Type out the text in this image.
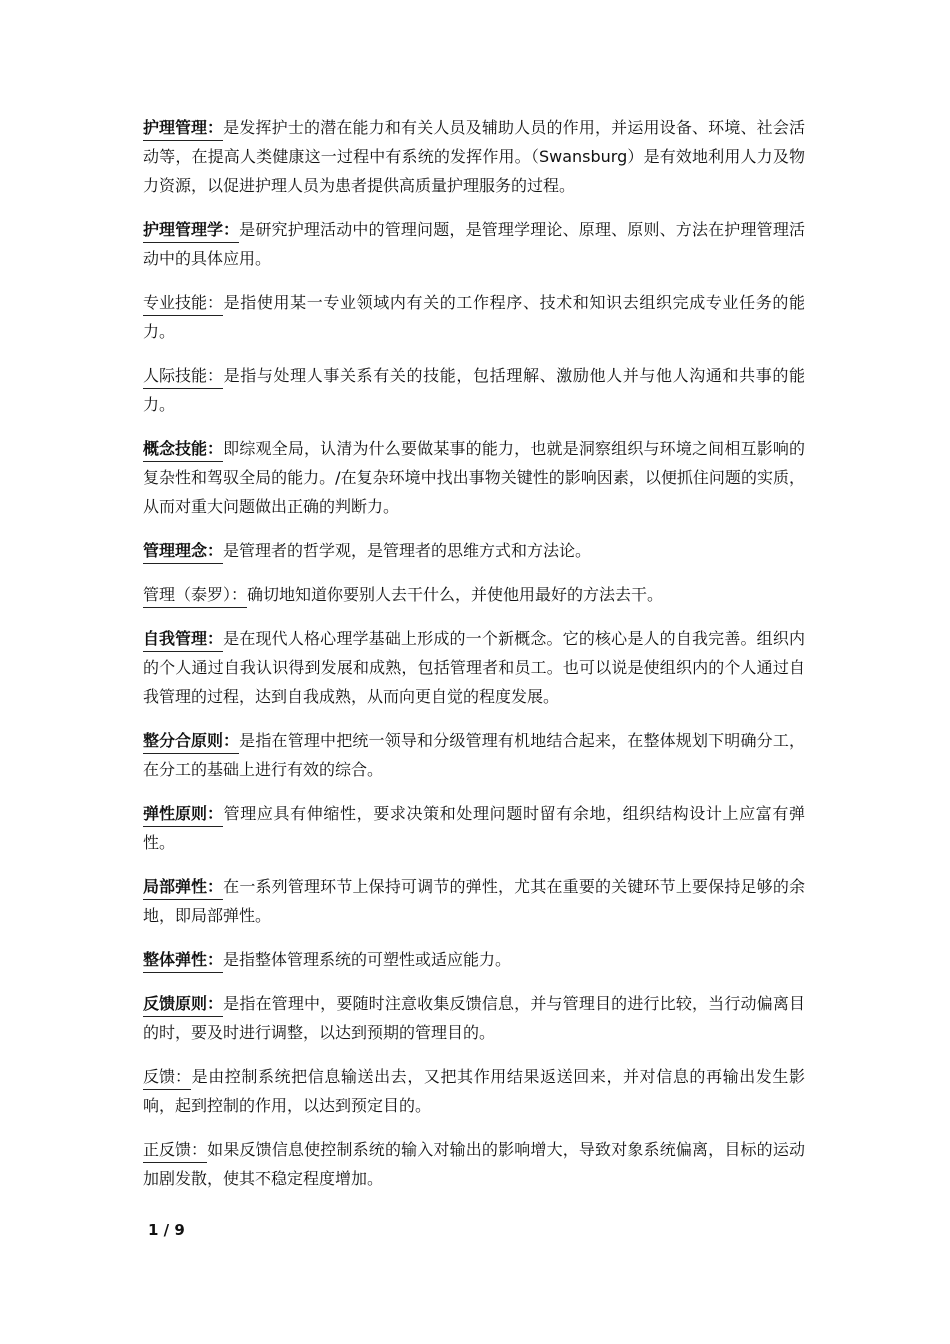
护理管理：是发挥护士的潜在能力和有关人员及辅助人员的作用，并运用设备、环境、社会活动等，在提高人类健康这一过程中有系统的发挥作用。（Swansburg）是有效地利用人力及物力资源，以促进护理人员为患者提供高质量护理服务的过程。

护理管理学：是研究护理活动中的管理问题，是管理学理论、原理、原则、方法在护理管理活动中的具体应用。

专业技能：是指使用某一专业领域内有关的工作程序、技术和知识去组织完成专业任务的能力。

人际技能：是指与处理人事关系有关的技能，包括理解、激励他人并与他人沟通和共事的能力。

概念技能：即综观全局，认清为什么要做某事的能力，也就是洞察组织与环境之间相互影响的复杂性和驾驭全局的能力。/在复杂环境中找出事物关键性的影响因素，以便抓住问题的实质，从而对重大问题做出正确的判断力。

管理理念：是管理者的哲学观，是管理者的思维方式和方法论。

管理（泰罗）：确切地知道你要别人去干什么，并使他用最好的方法去干。

自我管理：是在现代人格心理学基础上形成的一个新概念。它的核心是人的自我完善。组织内的个人通过自我认识得到发展和成熟，包括管理者和员工。也可以说是使组织内的个人通过自我管理的过程，达到自我成熟，从而向更自觉的程度发展。

整分合原则：是指在管理中把统一领导和分级管理有机地结合起来，在整体规划下明确分工，在分工的基础上进行有效的综合。

弹性原则：管理应具有伸缩性，要求决策和处理问题时留有余地，组织结构设计上应富有弹性。

局部弹性：在一系列管理环节上保持可调节的弹性，尤其在重要的关键环节上要保持足够的余地，即局部弹性。

整体弹性：是指整体管理系统的可塑性或适应能力。

反馈原则：是指在管理中，要随时注意收集反馈信息，并与管理目的进行比较，当行动偏离目的时，要及时进行调整，以达到预期的管理目的。

反馈：是由控制系统把信息输送出去，又把其作用结果返送回来，并对信息的再输出发生影响，起到控制的作用，以达到预定目的。

正反馈：如果反馈信息使控制系统的输入对输出的影响增大，导致对象系统偏离，目标的运动加剧发散，使其不稳定程度增加。

1 / 9
